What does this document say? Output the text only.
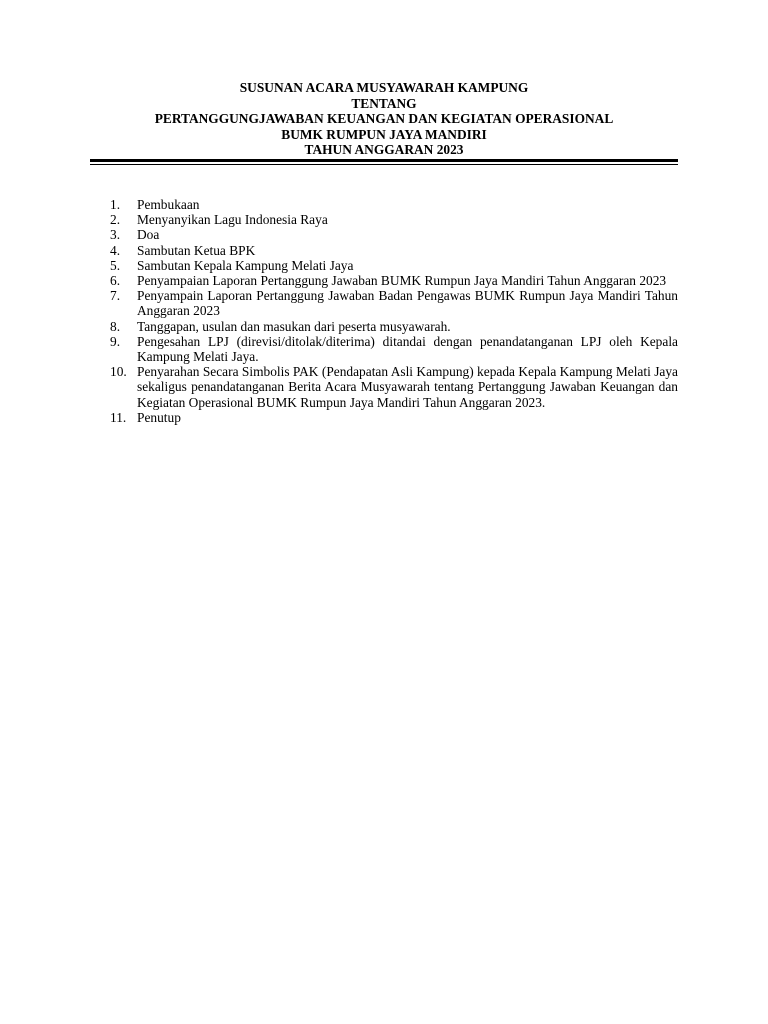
SUSUNAN ACARA MUSYAWARAH KAMPUNG
TENTANG
PERTANGGUNGJAWABAN KEUANGAN DAN KEGIATAN OPERASIONAL
BUMK RUMPUN JAYA MANDIRI
TAHUN ANGGARAN 2023
1.	Pembukaan
2.	Menyanyikan Lagu Indonesia Raya
3.	Doa
4.	Sambutan Ketua BPK
5.	Sambutan Kepala Kampung Melati Jaya
6.	Penyampaian Laporan Pertanggung Jawaban BUMK Rumpun Jaya Mandiri Tahun Anggaran 2023
7.	Penyampain Laporan Pertanggung Jawaban Badan Pengawas BUMK Rumpun Jaya Mandiri Tahun Anggaran 2023
8.	Tanggapan, usulan dan masukan dari peserta musyawarah.
9.	Pengesahan LPJ (direvisi/ditolak/diterima) ditandai dengan penandatanganan LPJ oleh Kepala Kampung Melati Jaya.
10. Penyarahan Secara Simbolis PAK (Pendapatan Asli Kampung) kepada Kepala Kampung Melati Jaya sekaligus penandatanganan Berita Acara Musyawarah tentang Pertanggung Jawaban Keuangan dan Kegiatan Operasional BUMK Rumpun Jaya Mandiri Tahun Anggaran 2023.
11. Penutup
